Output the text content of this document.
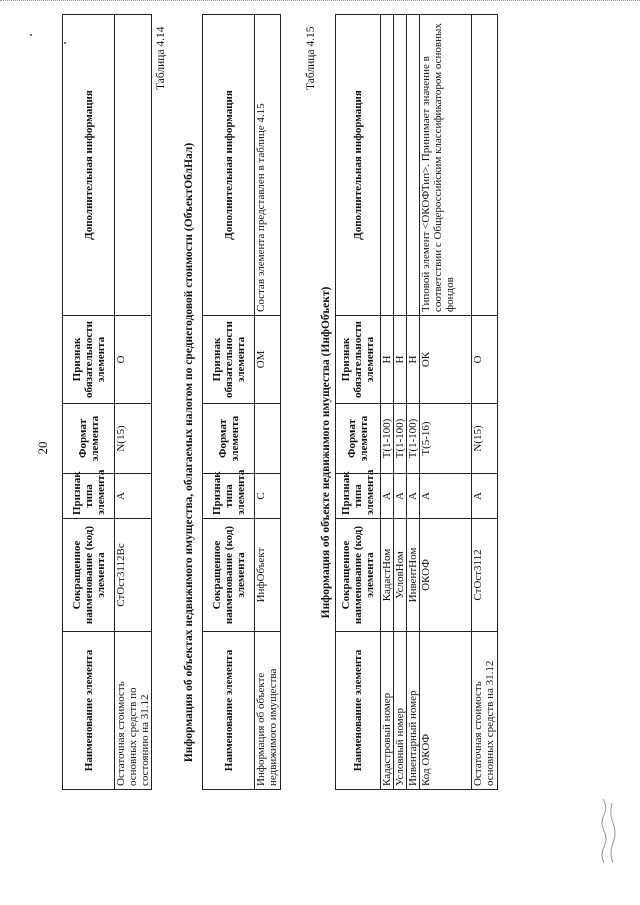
20
Наименование элемента	Сокращенное наименование (код) элемента	Признак типа элемента	Формат элемента	Признак обязательности элемента	Дополнительная информация
Остаточная стоимость основных средств по состоянию на 31.12	СтОст3112Вс	А	N(15)	О	
Таблица 4.14
Информация об объектах недвижимого имущества, облагаемых налогом по среднегодовой стоимости (ОбъектОблНал)	Наименование элемента	Сокращенное наименование (код) элемента	Признак типа элемента	Формат элемента	Признак обязательности элемента	Дополнительная информация
Информация об объекте недвижимого имущества	ИнфОбъект	С		ОМ	Состав элемента представлен в таблице 4.15
Таблица 4.15
Информация об объекте недвижимого имущества (ИнфОбъект)
Наименование элемента	Сокращенное наименование (код) элемента	Признак типа элемента	Формат элемента	Признак обязательности элемента	Дополнительная информация
Кадастровый номер	КадастНом	А	T(1-100)	Н	
Условный номер	УсловНом	А	T(1-100)	Н	
Инвентарный номер	ИнвентНом	А	T(1-100)	Н	
Код ОКОФ	ОКОФ	А	T(5-16)	ОК	Типовой элемент <ОКОФТип>. Принимает значение в соответствии с Общероссийским классификатором основных фондов
Остаточная стоимость основных средств на 31.12	СтОст3112	А	N(15)	О	
